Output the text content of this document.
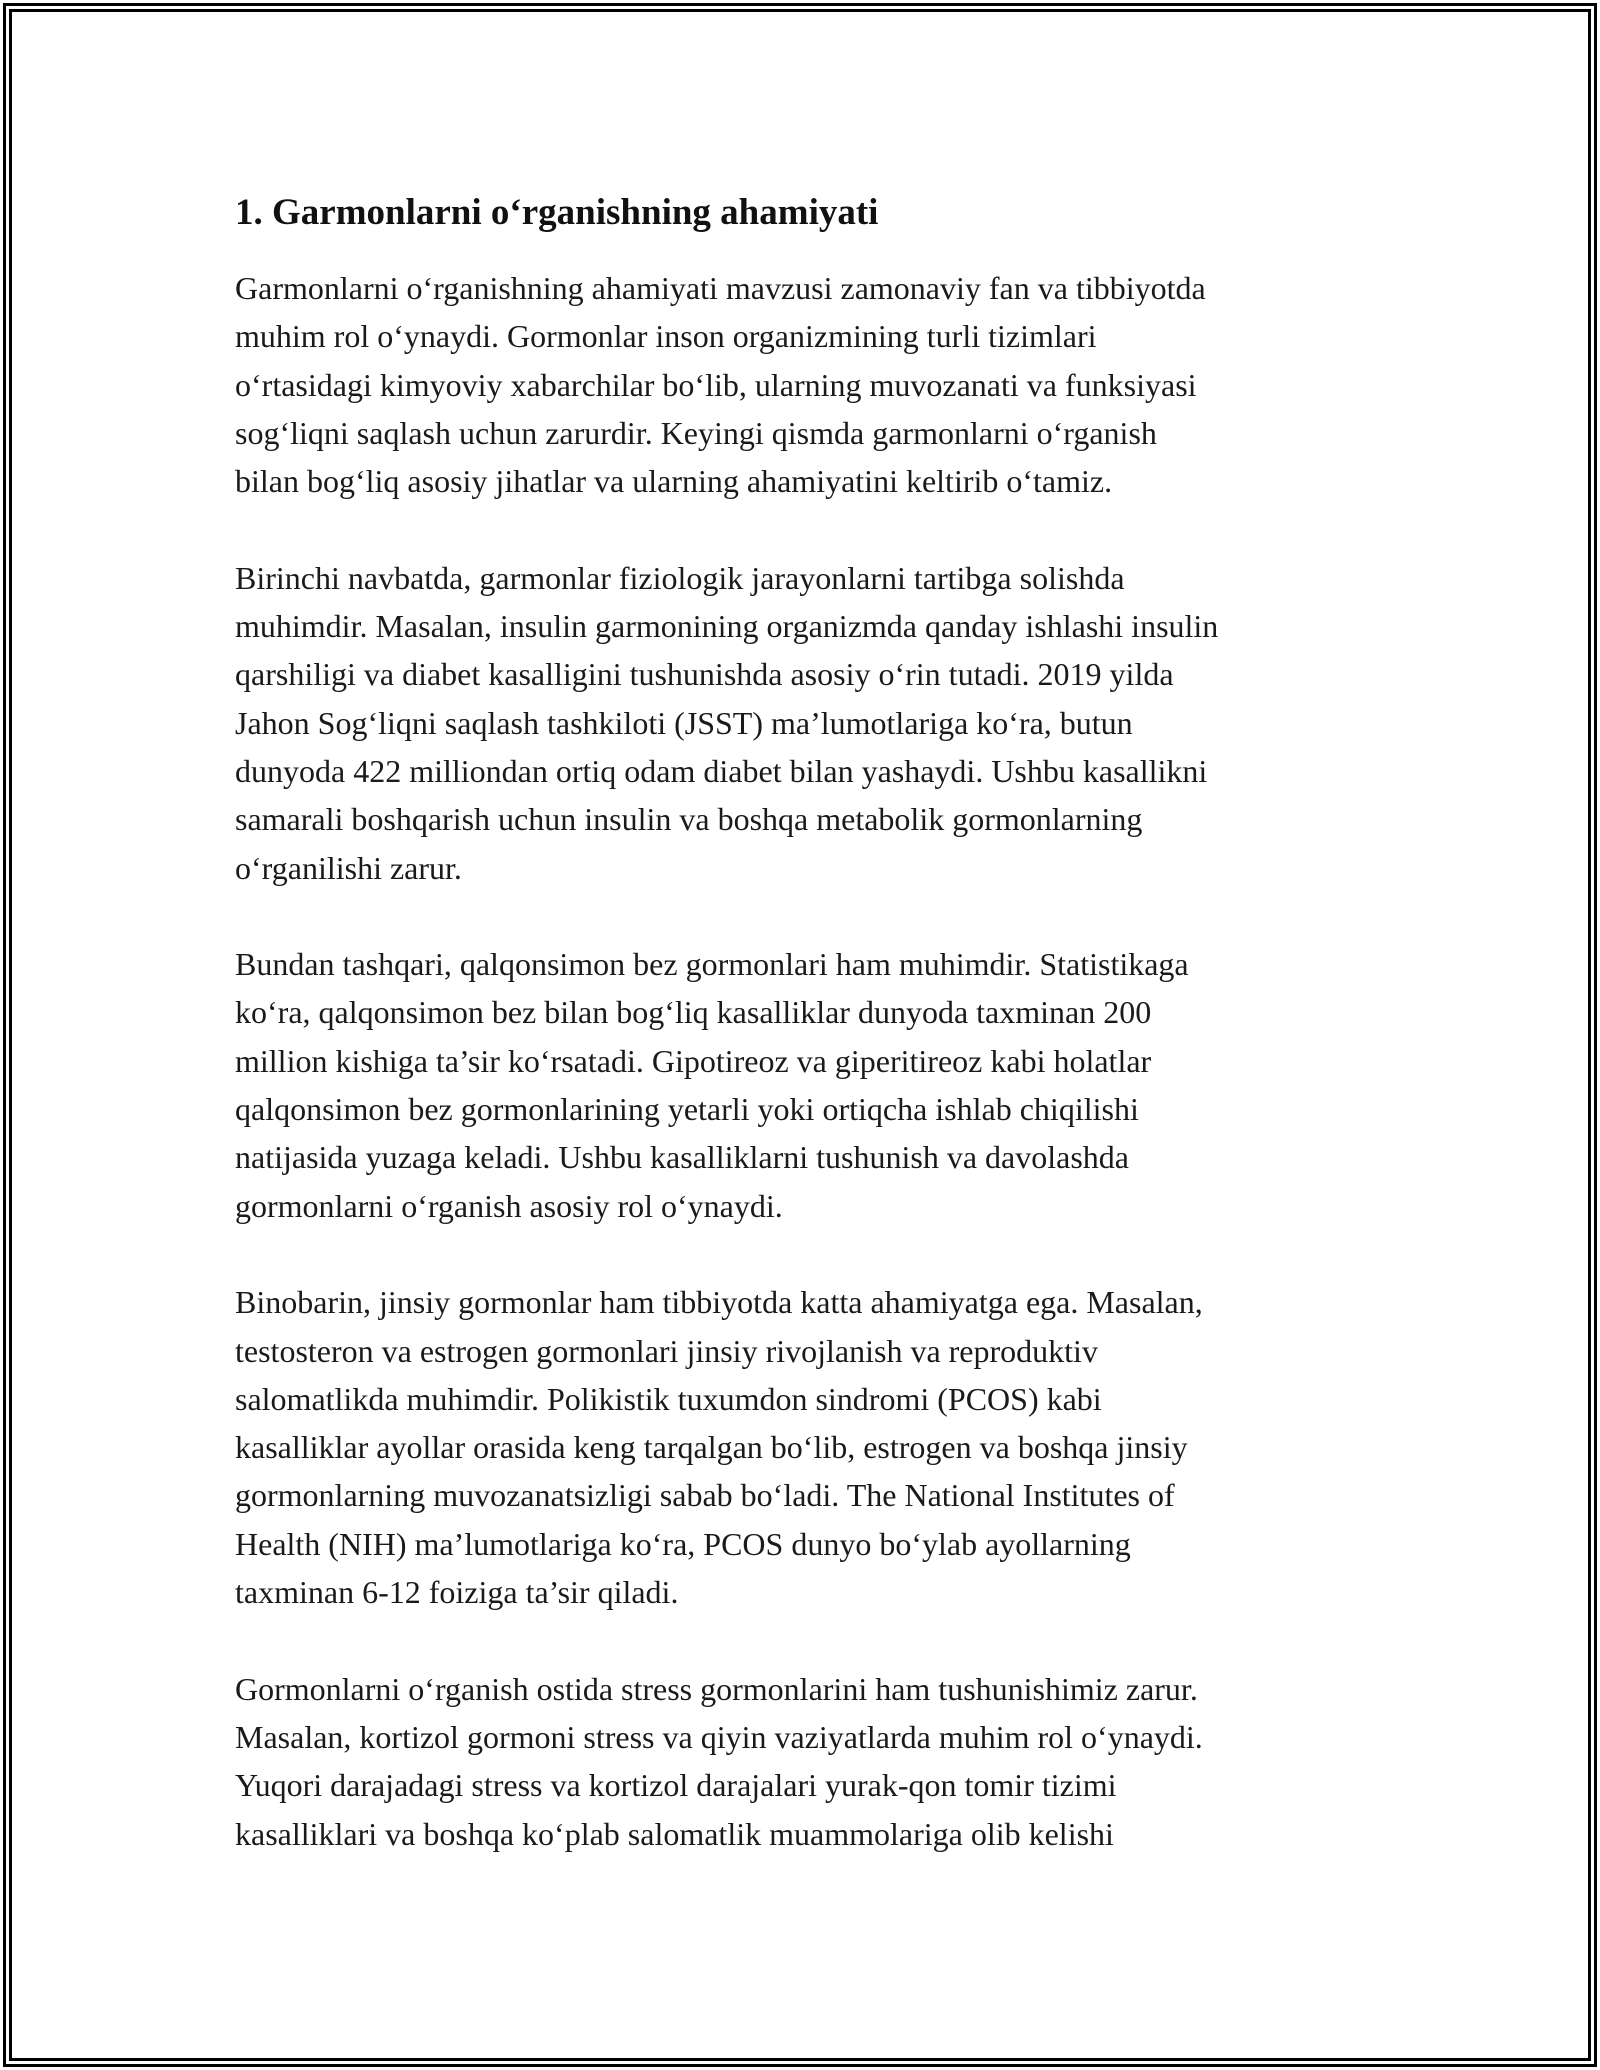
1. Garmonlarni o‘rganishning ahamiyati

Garmonlarni o‘rganishning ahamiyati mavzusi zamonaviy fan va tibbiyotda
muhim rol o‘ynaydi. Gormonlar inson organizmining turli tizimlari
o‘rtasidagi kimyoviy xabarchilar bo‘lib, ularning muvozanati va funksiyasi
sog‘liqni saqlash uchun zarurdir. Keyingi qismda garmonlarni o‘rganish
bilan bog‘liq asosiy jihatlar va ularning ahamiyatini keltirib o‘tamiz.

Birinchi navbatda, garmonlar fiziologik jarayonlarni tartibga solishda
muhimdir. Masalan, insulin garmonining organizmda qanday ishlashi insulin
qarshiligi va diabet kasalligini tushunishda asosiy o‘rin tutadi. 2019 yilda
Jahon Sog‘liqni saqlash tashkiloti (JSST) ma’lumotlariga ko‘ra, butun
dunyoda 422 milliondan ortiq odam diabet bilan yashaydi. Ushbu kasallikni
samarali boshqarish uchun insulin va boshqa metabolik gormonlarning
o‘rganilishi zarur.

Bundan tashqari, qalqonsimon bez gormonlari ham muhimdir. Statistikaga
ko‘ra, qalqonsimon bez bilan bog‘liq kasalliklar dunyoda taxminan 200
million kishiga ta’sir ko‘rsatadi. Gipotireoz va giperitireoz kabi holatlar
qalqonsimon bez gormonlarining yetarli yoki ortiqcha ishlab chiqilishi
natijasida yuzaga keladi. Ushbu kasalliklarni tushunish va davolashda
gormonlarni o‘rganish asosiy rol o‘ynaydi.

Binobarin, jinsiy gormonlar ham tibbiyotda katta ahamiyatga ega. Masalan,
testosteron va estrogen gormonlari jinsiy rivojlanish va reproduktiv
salomatlikda muhimdir. Polikistik tuxumdon sindromi (PCOS) kabi
kasalliklar ayollar orasida keng tarqalgan bo‘lib, estrogen va boshqa jinsiy
gormonlarning muvozanatsizligi sabab bo‘ladi. The National Institutes of
Health (NIH) ma’lumotlariga ko‘ra, PCOS dunyo bo‘ylab ayollarning
taxminan 6-12 foiziga ta’sir qiladi.

Gormonlarni o‘rganish ostida stress gormonlarini ham tushunishimiz zarur.
Masalan, kortizol gormoni stress va qiyin vaziyatlarda muhim rol o‘ynaydi.
Yuqori darajadagi stress va kortizol darajalari yurak-qon tomir tizimi
kasalliklari va boshqa ko‘plab salomatlik muammolariga olib kelishi
